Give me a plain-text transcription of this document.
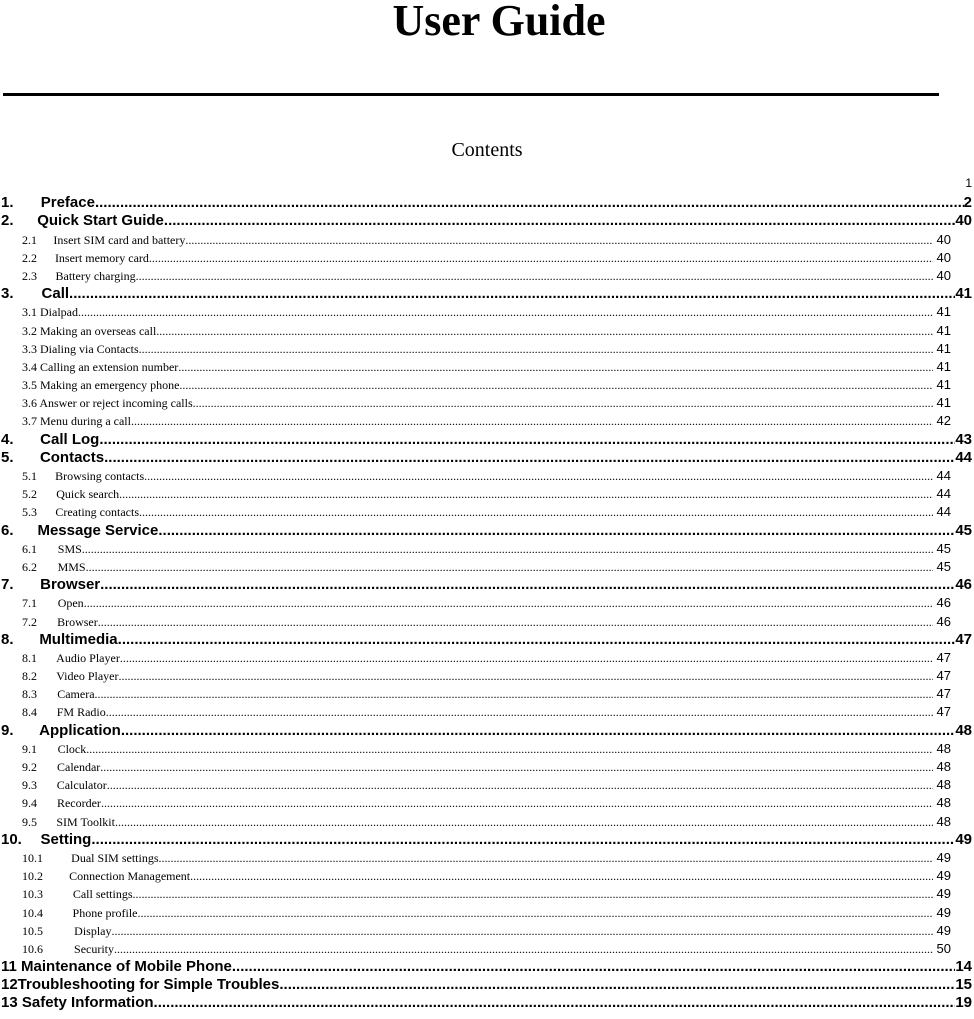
User Guide
Contents
1
1.	Preface .....	2
2.	Quick Start Guide .....	40
2.1	Insert SIM card and battery .....	40
2.2	Insert memory card .....	40
2.3	Battery charging .....	40
3.	Call .....	41
3.1 Dialpad .....	41
3.2 Making an overseas call. .....	41
3.3 Dialing via Contacts .....	41
3.4 Calling an extension number .....	41
3.5 Making an emergency phone .....	41
3.6 Answer or reject incoming calls .....	41
3.7 Menu during a call .....	42
4.	Call Log .....	43
5.	Contacts .....	44
5.1	Browsing contacts .....	44
5.2	Quick search .....	44
5.3	Creating contacts .....	44
6.	Message Service .....	45
6.1	SMS .....	45
6.2	MMS .....	45
7.	Browser .....	46
7.1	Open .....	46
7.2	Browser .....	46
8.	Multimedia .....	47
8.1	Audio Player .....	47
8.2	Video Player .....	47
8.3	Camera .....	47
8.4	FM Radio .....	47
9.	Application .....	48
9.1	Clock .....	48
9.2	Calendar .....	48
9.3	Calculator .....	48
9.4	Recorder .....	48
9.5	SIM Toolkit .....	48
10.	Setting .....	49
10.1	Dual SIM settings .....	49
10.2	Connection Management .....	49
10.3	Call settings .....	49
10.4	Phone profile .....	49
10.5	Display .....	49
10.6	Security .....	50
11 Maintenance of Mobile Phone .....	14
12Troubleshooting for Simple Troubles .....	15
13 Safety Information .....	19
